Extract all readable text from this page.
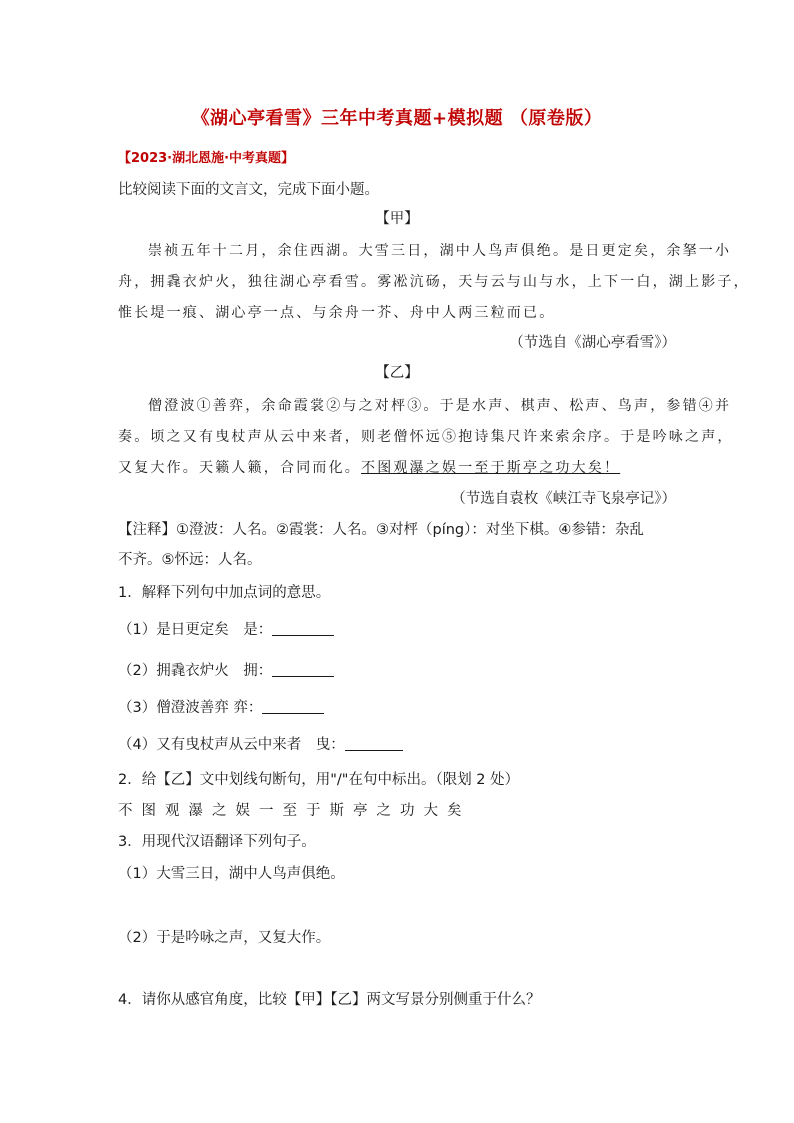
《湖心亭看雪》三年中考真题+模拟题 （原卷版）
【2023·湖北恩施·中考真题】
比较阅读下面的文言文，完成下面小题。
【甲】
崇祯五年十二月，余住西湖。大雪三日，湖中人鸟声俱绝。是日更定矣，余拏一小
舟，拥毳衣炉火，独往湖心亭看雪。雾凇沆砀，天与云与山与水，上下一白，湖上影子，
惟长堤一痕、湖心亭一点、与余舟一芥、舟中人两三粒而已。
（节选自《湖心亭看雪》）
【乙】
僧澄波①善弈，余命霞裳②与之对枰③。于是水声、棋声、松声、鸟声，参错④并
奏。顷之又有曳杖声从云中来者，则老僧怀远⑤抱诗集尺许来索余序。于是吟咏之声，
又复大作。天籁人籁，合同而化。不图观瀑之娱一至于斯亭之功大矣！
（节选自袁枚《峡江寺飞泉亭记》）
【注释】①澄波：人名。②霞裳：人名。③对枰（píng）：对坐下棋。④参错：杂乱
不齐。⑤怀远：人名。
1．解释下列句中加点词的意思。
（1）是日更定矣　是：
（2）拥毳衣炉火　拥：
（3）僧澄波善弈 弈：
（4）又有曳杖声从云中来者　曳：
2．给【乙】文中划线句断句，用"/"在句中标出。（限划 2 处）
不图观瀑之娱一至于斯亭之功大矣
3．用现代汉语翻译下列句子。
（1）大雪三日，湖中人鸟声俱绝。
（2）于是吟咏之声，又复大作。
4．请你从感官角度，比较【甲】【乙】两文写景分别侧重于什么？
